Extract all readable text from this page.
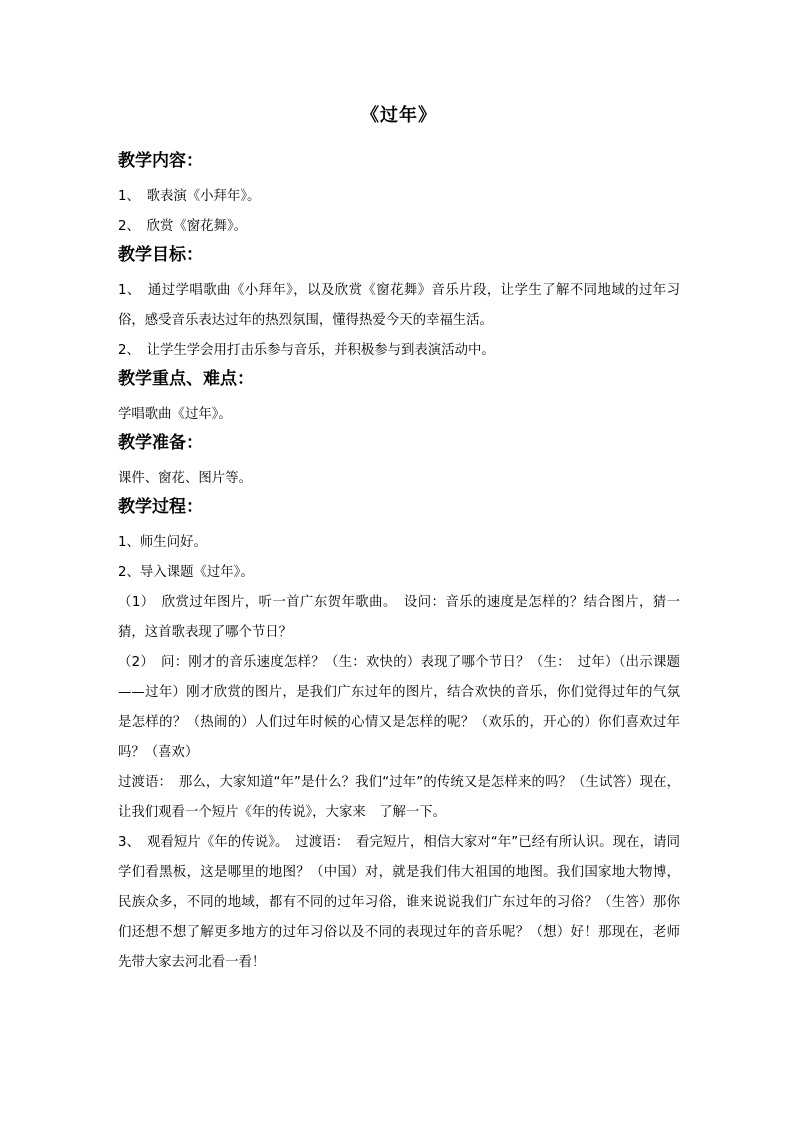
《过年》
教学内容：

1、　歌表演《小拜年》。

2、　欣赏《窗花舞》。

教学目标：

1、　通过学唱歌曲《小拜年》，以及欣赏《窗花舞》音乐片段，让学生了解不同地域的过年习俗，感受音乐表达过年的热烈氛围，懂得热爱今天的幸福生活。

2、　让学生学会用打击乐参与音乐，并积极参与到表演活动中。

教学重点、难点：

学唱歌曲《过年》。

教学准备：

课件、窗花、图片等。

教学过程：

1、师生问好。

2、导入课题《过年》。

（1）　欣赏过年图片，听一首广东贺年歌曲。　设问：音乐的速度是怎样的？结合图片，猜一猜，这首歌表现了哪个节日？

（2）　问：刚才的音乐速度怎样？（生：欢快的）表现了哪个节日？（生：　过年）（出示课题——过年）刚才欣赏的图片，是我们广东过年的图片，结合欢快的音乐，你们觉得过年的气氛是怎样的？（热闹的）人们过年时候的心情又是怎样的呢？（欢乐的，开心的）你们喜欢过年吗？（喜欢）

过渡语：　那么，大家知道“年”是什么？我们“过年”的传统又是怎样来的吗？（生试答）现在，让我们观看一个短片《年的传说》，大家来　了解一下。

3、　观看短片《年的传说》。　过渡语：　看完短片，相信大家对“年”已经有所认识。现在，请同学们看黑板，这是哪里的地图？（中国）对，就是我们伟大祖国的地图。我们国家地大物博，民族众多，不同的地域，都有不同的过年习俗，谁来说说我们广东过年的习俗？（生答）那你们还想不想了解更多地方的过年习俗以及不同的表现过年的音乐呢？（想）好！那现在，老师先带大家去河北看一看！
